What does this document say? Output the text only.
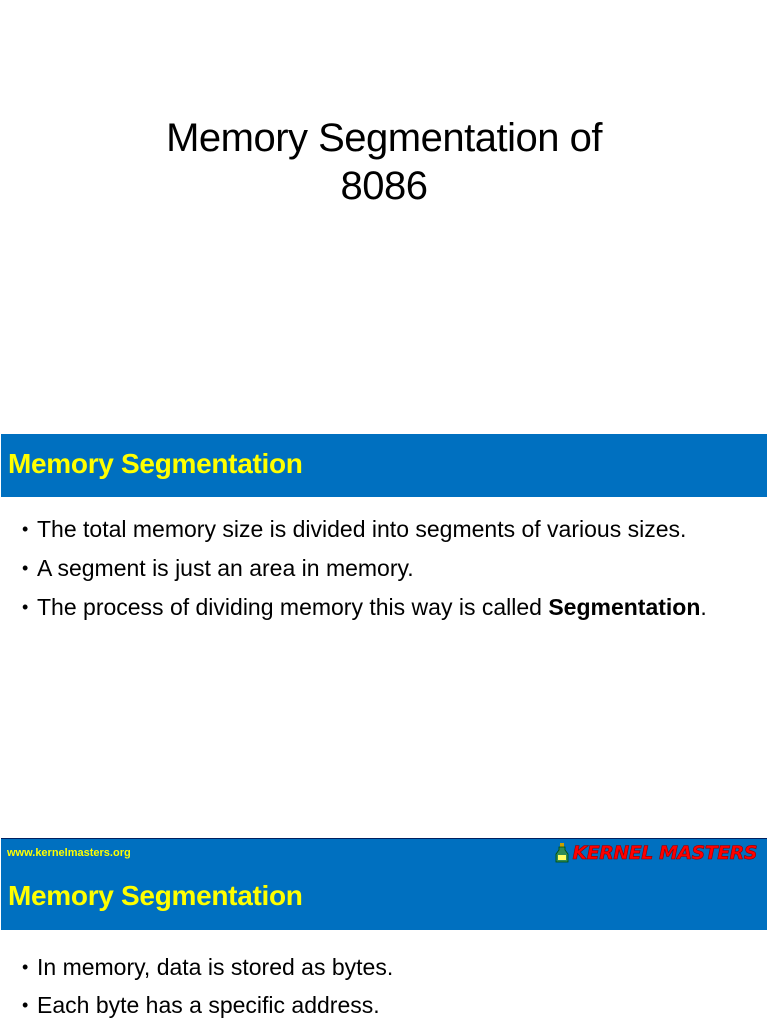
Memory Segmentation of
8086
Memory Segmentation
• The total memory size is divided into segments of various sizes.
• A segment is just an area in memory.
• The process of dividing memory this way is called Segmentation.
www.kernelmasters.org	KERNEL MASTERS
Memory Segmentation
• In memory, data is stored as bytes.
• Each byte has a specific address.
